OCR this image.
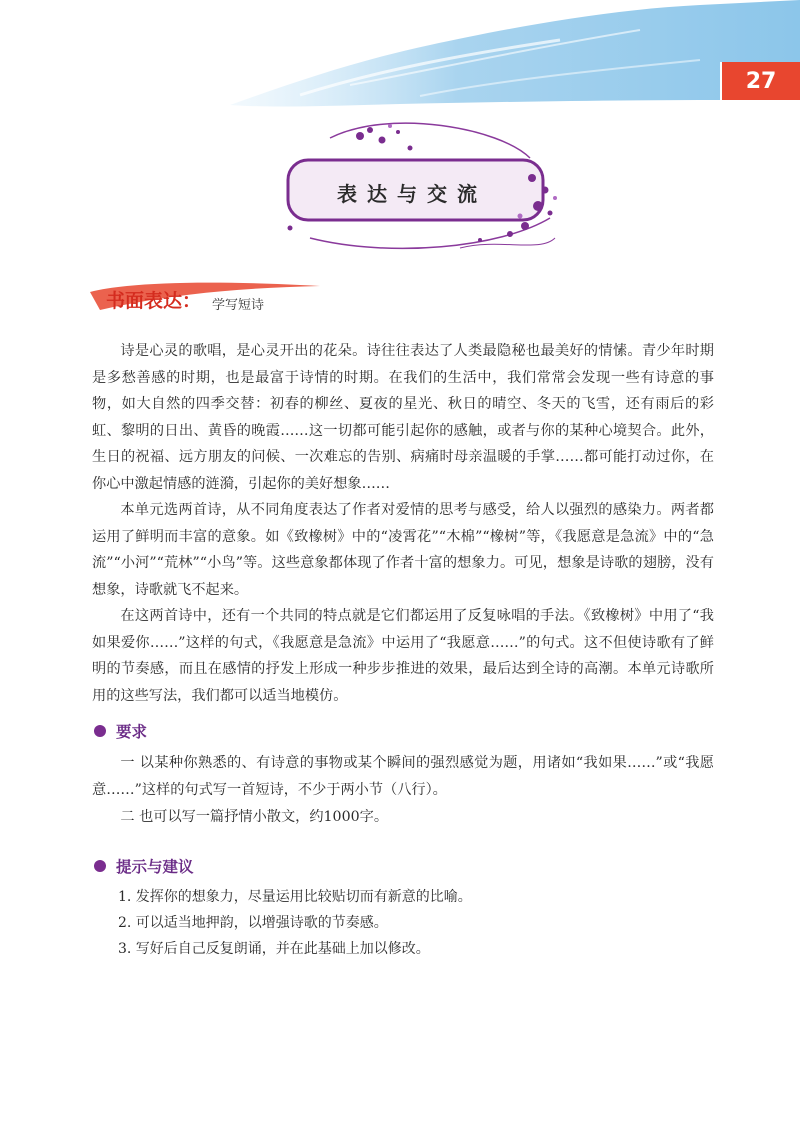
27
表达与交流
书面表达： 学写短诗

诗是心灵的歌唱，是心灵开出的花朵。诗往往表达了人类最隐秘也最美好的情愫。青少年时期是多愁善感的时期，也是最富于诗情的时期。在我们的生活中，我们常常会发现一些有诗意的事物，如大自然的四季交替：初春的柳丝、夏夜的星光、秋日的晴空、冬天的飞雪，还有雨后的彩虹、黎明的日出、黄昏的晚霞……这一切都可能引起你的感触，或者与你的某种心境契合。此外，生日的祝福、远方朋友的问候、一次难忘的告别、病痛时母亲温暖的手掌……都可能打动过你，在你心中激起情感的涟漪，引起你的美好想象……

本单元选两首诗，从不同角度表达了作者对爱情的思考与感受，给人以强烈的感染力。两者都运用了鲜明而丰富的意象。如《致橡树》中的“凌霄花”“木棉”“橡树”等，《我愿意是急流》中的“急流”“小河”“荒林”“小鸟”等。这些意象都体现了作者十富的想象力。可见，想象是诗歌的翅膀，没有想象，诗歌就飞不起来。

在这两首诗中，还有一个共同的特点就是它们都运用了反复咏唱的手法。《致橡树》中用了“我如果爱你……”这样的句式，《我愿意是急流》中运用了“我愿意……”的句式。这不但使诗歌有了鲜明的节奏感，而且在感情的抒发上形成一种步步推进的效果，最后达到全诗的高潮。本单元诗歌所用的这些写法，我们都可以适当地模仿。

要求

一 以某种你熟悉的、有诗意的事物或某个瞬间的强烈感觉为题，用诸如“我如果……”或“我愿意……”这样的句式写一首短诗，不少于两小节（八行）。

二 也可以写一篇抒情小散文，约1000字。

提示与建议
1. 发挥你的想象力，尽量运用比较贴切而有新意的比喻。
2. 可以适当地押韵，以增强诗歌的节奏感。
3. 写好后自己反复朗诵，并在此基础上加以修改。
